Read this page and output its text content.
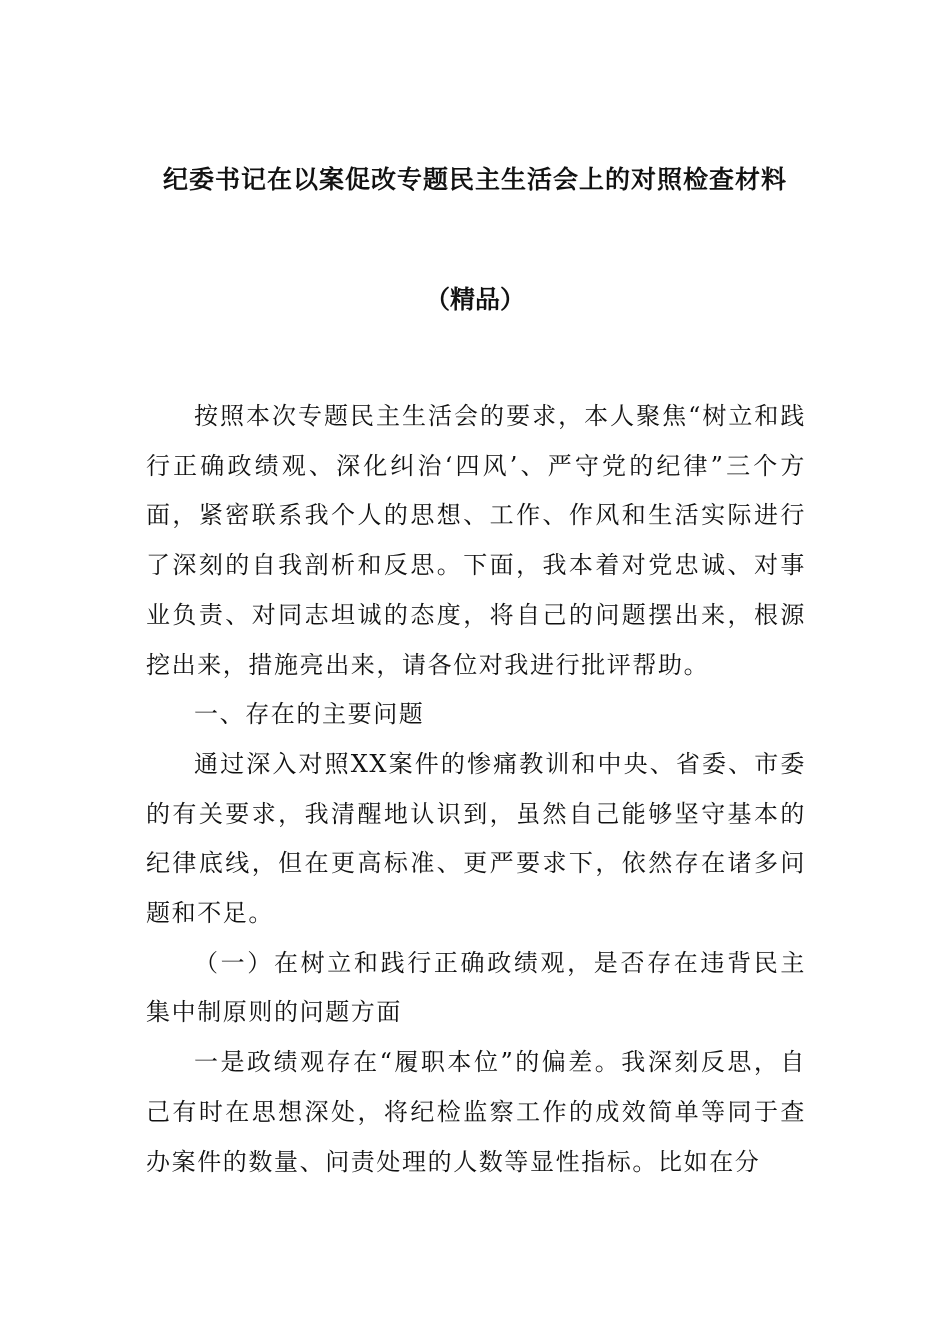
纪委书记在以案促改专题民主生活会上的对照检查材料
（精品）

按照本次专题民主生活会的要求，本人聚焦“树立和践行正确政绩观、深化纠治‘四风’、严守党的纪律”三个方面，紧密联系我个人的思想、工作、作风和生活实际进行了深刻的自我剖析和反思。下面，我本着对党忠诚、对事业负责、对同志坦诚的态度，将自己的问题摆出来，根源挖出来，措施亮出来，请各位对我进行批评帮助。

一、存在的主要问题

通过深入对照XX案件的惨痛教训和中央、省委、市委的有关要求，我清醒地认识到，虽然自己能够坚守基本的纪律底线，但在更高标准、更严要求下，依然存在诸多问题和不足。

（一）在树立和践行正确政绩观，是否存在违背民主集中制原则的问题方面

一是政绩观存在“履职本位”的偏差。我深刻反思，自己有时在思想深处，将纪检监察工作的成效简单等同于查办案件的数量、问责处理的人数等显性指标。比如在分
